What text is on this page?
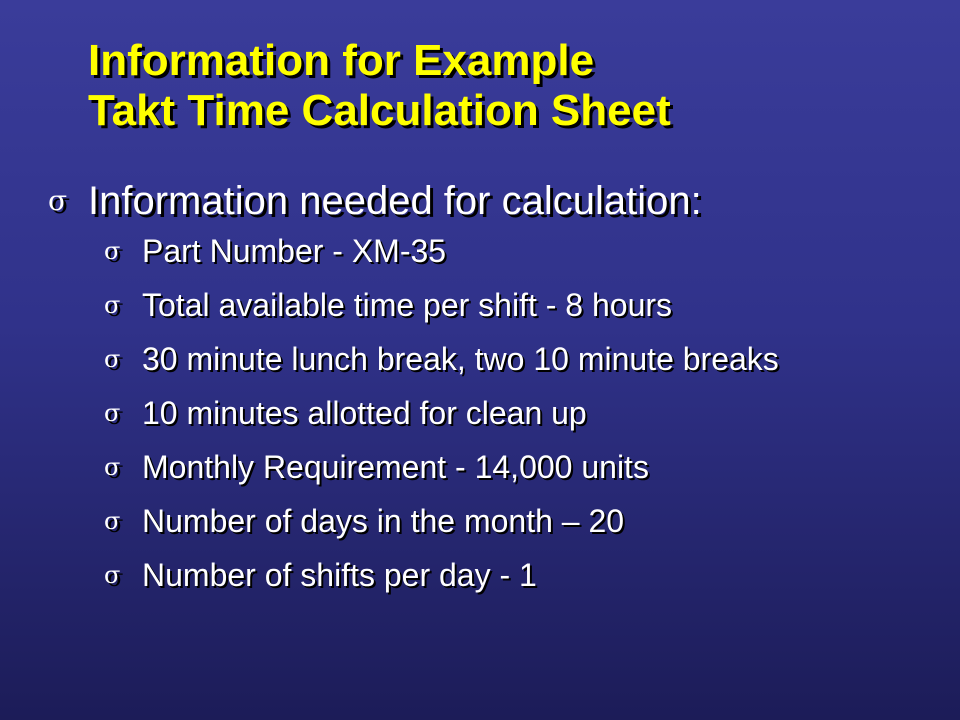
Information for Example
Takt Time Calculation Sheet
σ Information needed for calculation:
σ Part Number - XM-35
σ Total available time per shift - 8 hours
σ 30 minute lunch break, two 10 minute breaks
σ 10 minutes allotted for clean up
σ Monthly Requirement - 14,000 units
σ Number of days in the month – 20
σ Number of shifts per day - 1
